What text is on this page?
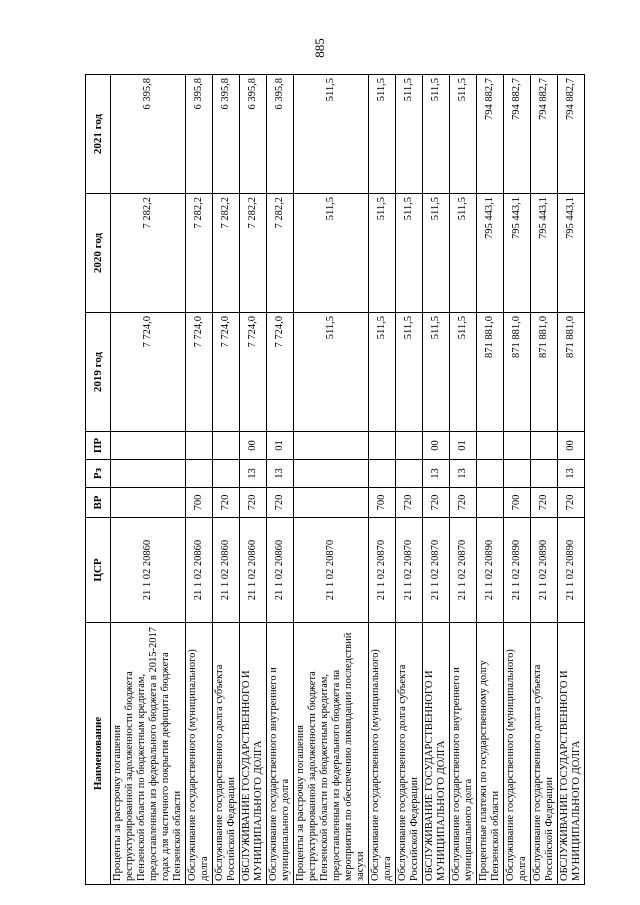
885
Наименование	ЦСР	ВР	Рз	ПР	2019 год	2020 год	2021 год
Проценты за рассрочку погашения реструктурированной задолженности бюджета Пензенской области по бюджетным кредитам, предоставленным из федерального бюджета в 2015-2017 годах для частичного покрытия дефицита бюджета Пензенской области	21 1 02 20860				7 724,0	7 282,2	6 395,8
Обслуживание государственного (муниципального) долга	21 1 02 20860	700			7 724,0	7 282,2	6 395,8
Обслуживание государственного долга субъекта Российской Федерации	21 1 02 20860	720			7 724,0	7 282,2	6 395,8
ОБСЛУЖИВАНИЕ ГОСУДАРСТВЕННОГО И МУНИЦИПАЛЬНОГО ДОЛГА	21 1 02 20860	720	13	00	7 724,0	7 282,2	6 395,8
Обслуживание государственного внутреннего и муниципального долга	21 1 02 20860	720	13	01	7 724,0	7 282,2	6 395,8
Проценты за рассрочку погашения реструктурированной задолженности бюджета Пензенской области по бюджетным кредитам, предоставленным из федерального бюджета на мероприятия по обеспечению ликвидации последствий засухи	21 1 02 20870				511,5	511,5	511,5
Обслуживание государственного (муниципального) долга	21 1 02 20870	700			511,5	511,5	511,5
Обслуживание государственного долга субъекта Российской Федерации	21 1 02 20870	720			511,5	511,5	511,5
ОБСЛУЖИВАНИЕ ГОСУДАРСТВЕННОГО И МУНИЦИПАЛЬНОГО ДОЛГА	21 1 02 20870	720	13	00	511,5	511,5	511,5
Обслуживание государственного внутреннего и муниципального долга	21 1 02 20870	720	13	01	511,5	511,5	511,5
Процентные платежи по государственному долгу Пензенской области	21 1 02 20890				871 881,0	795 443,1	794 882,7
Обслуживание государственного (муниципального) долга	21 1 02 20890	700			871 881,0	795 443,1	794 882,7
Обслуживание государственного долга субъекта Российской Федерации	21 1 02 20890	720			871 881,0	795 443,1	794 882,7
ОБСЛУЖИВАНИЕ ГОСУДАРСТВЕННОГО И МУНИЦИПАЛЬНОГО ДОЛГА	21 1 02 20890	720	13	00	871 881,0	795 443,1	794 882,7
